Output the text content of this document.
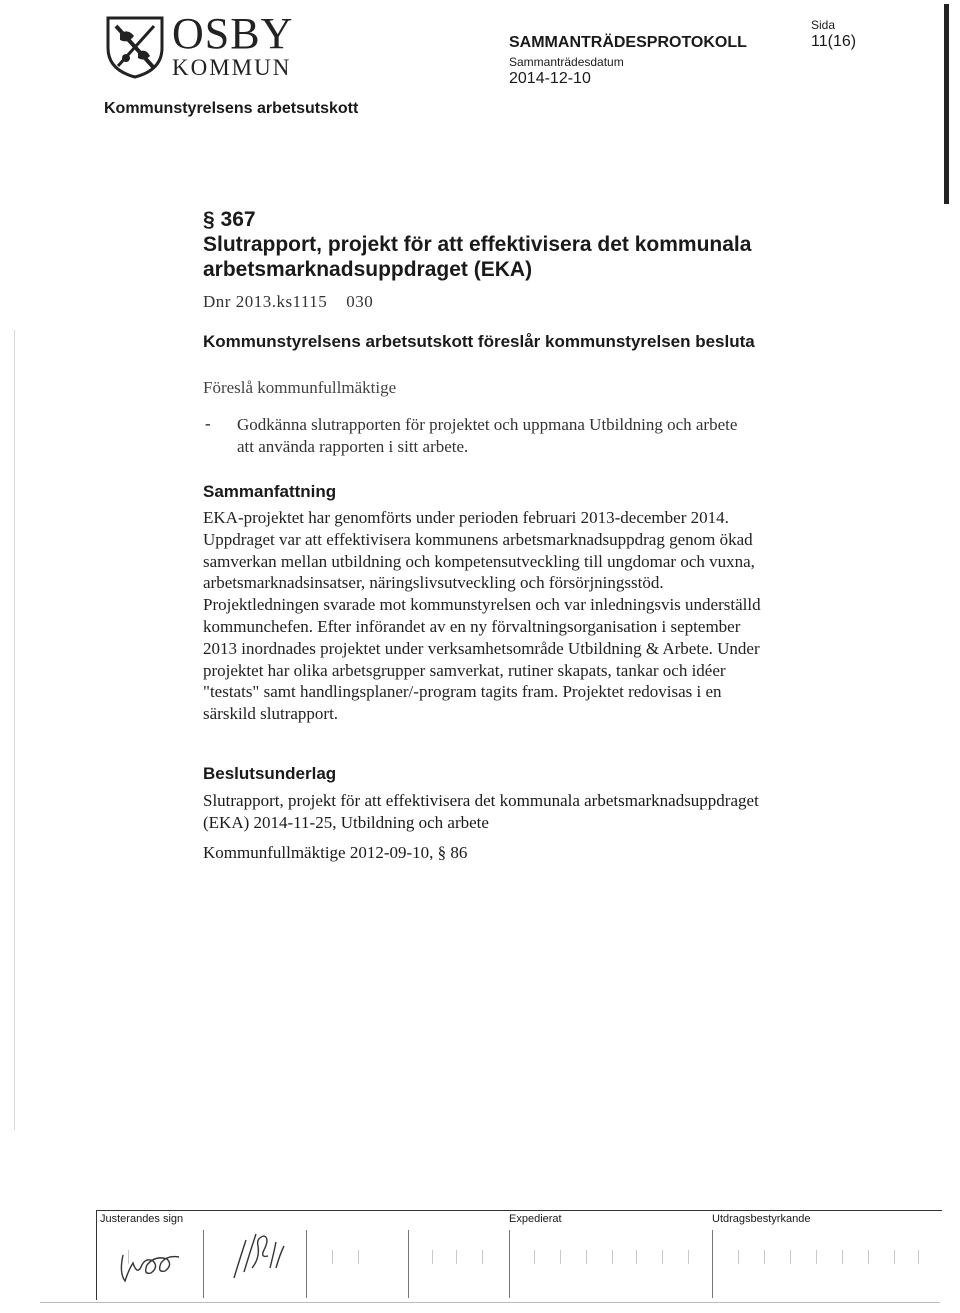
OSBY
KOMMUN
SAMMANTRÄDESPROTOKOLL
Sammanträdesdatum
2014-12-10
Sida
11(16)
Kommunstyrelsens arbetsutskott
§ 367
Slutrapport, projekt för att effektivisera det kommunala arbetsmarknadsuppdraget (EKA)
Dnr 2013.ks1115    030
Kommunstyrelsens arbetsutskott föreslår kommunstyrelsen besluta
Föreslå kommunfullmäktige
- Godkänna slutrapporten för projektet och uppmana Utbildning och arbete att använda rapporten i sitt arbete.
Sammanfattning
EKA-projektet har genomförts under perioden februari 2013-december 2014. Uppdraget var att effektivisera kommunens arbetsmarknadsuppdrag genom ökad samverkan mellan utbildning och kompetensutveckling till ungdomar och vuxna, arbetsmarknadsinsatser, näringslivsutveckling och försörjningsstöd. Projektledningen svarade mot kommunstyrelsen och var inledningsvis underställd kommunchefen. Efter införandet av en ny förvaltningsorganisation i september 2013 inordnades projektet under verksamhetsområde Utbildning & Arbete. Under projektet har olika arbetsgrupper samverkat, rutiner skapats, tankar och idéer "testats" samt handlingsplaner/-program tagits fram. Projektet redovisas i en särskild slutrapport.
Beslutsunderlag
Slutrapport, projekt för att effektivisera det kommunala arbetsmarknadsuppdraget (EKA) 2014-11-25, Utbildning och arbete
Kommunfullmäktige 2012-09-10, § 86
Justerandes sign	Expedierat	Utdragsbestyrkande
